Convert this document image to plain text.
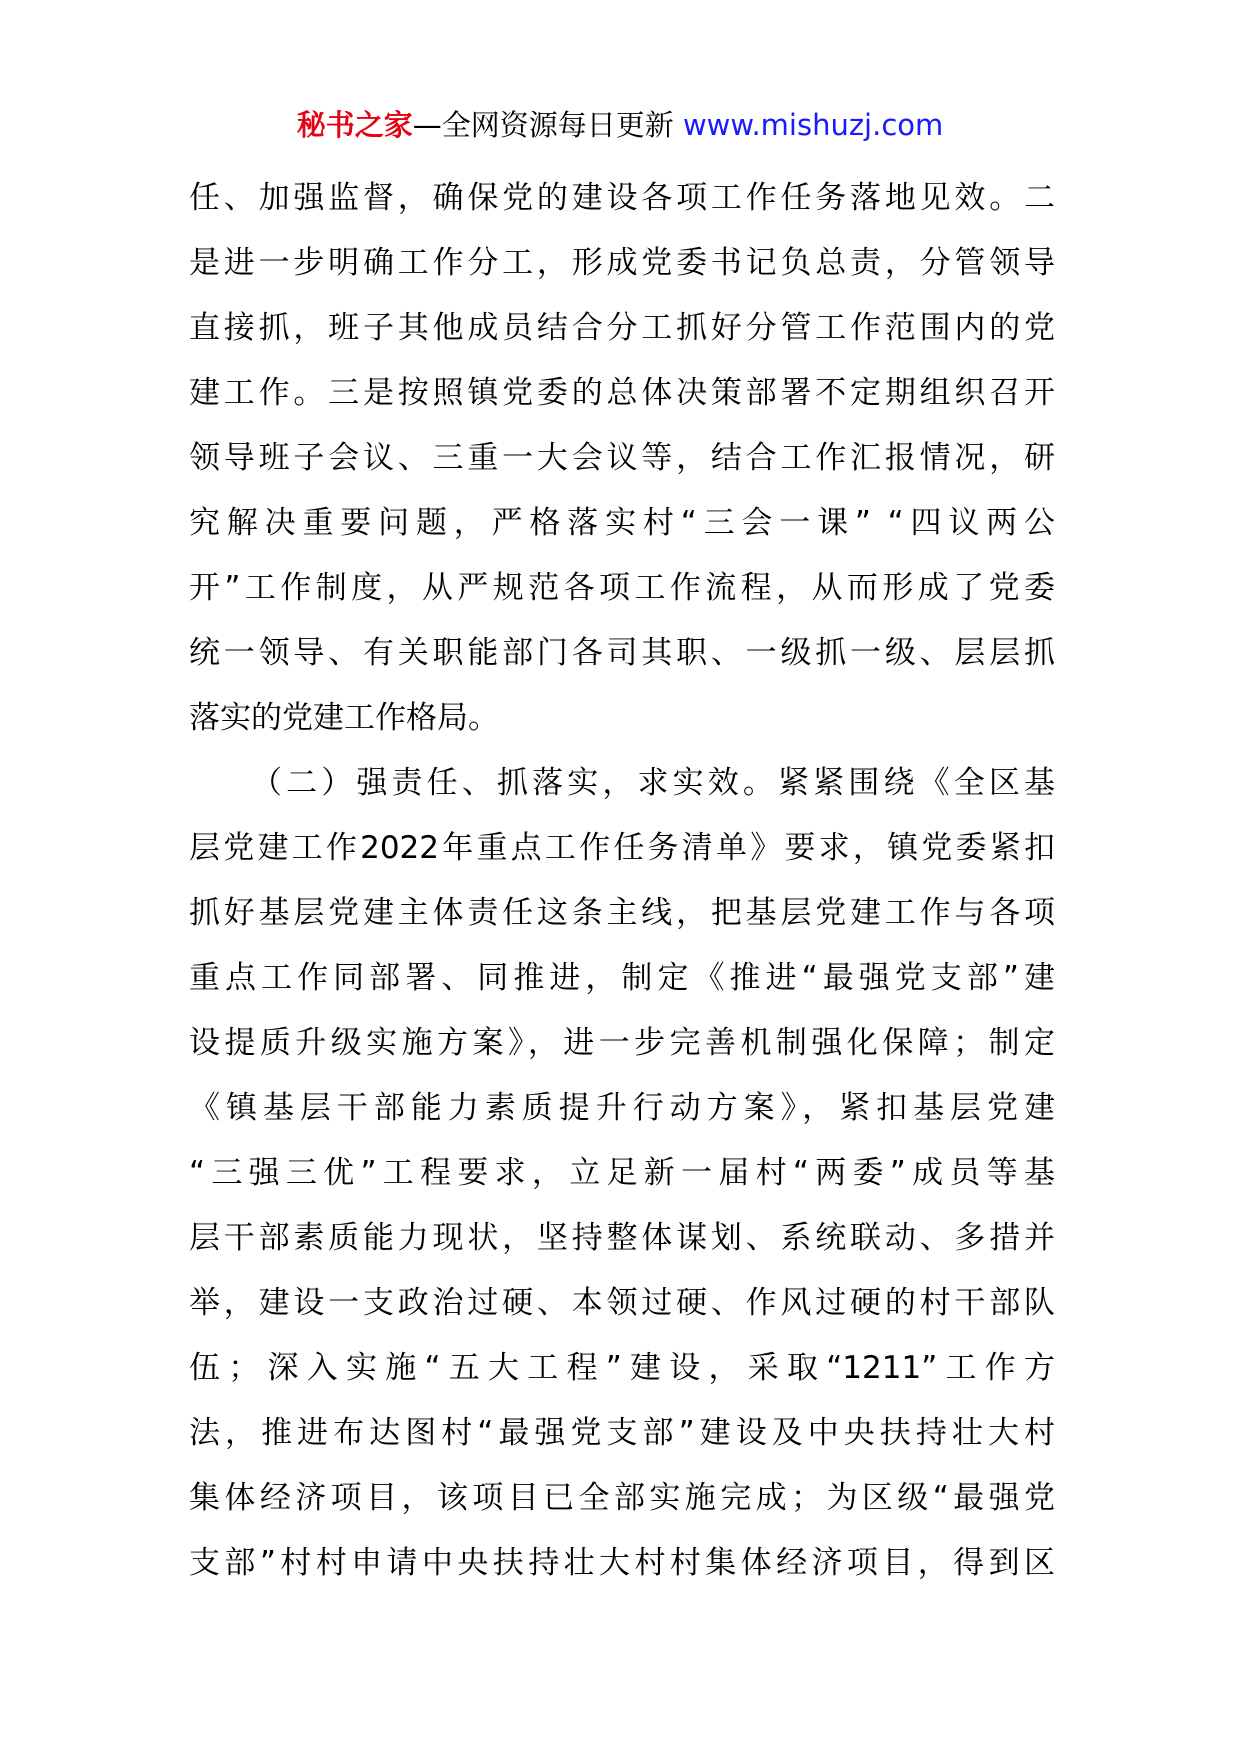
秘书之家—全网资源每日更新 www.mishuzj.com
任、加强监督，确保党的建设各项工作任务落地见效。二
是进一步明确工作分工，形成党委书记负总责，分管领导
直接抓，班子其他成员结合分工抓好分管工作范围内的党
建工作。三是按照镇党委的总体决策部署不定期组织召开
领导班子会议、三重一大会议等，结合工作汇报情况，研
究解决重要问题，严格落实村“三会一课” “四议两公
开”工作制度，从严规范各项工作流程，从而形成了党委
统一领导、有关职能部门各司其职、一级抓一级、层层抓
落实的党建工作格局。
（二）强责任、抓落实，求实效。紧紧围绕《全区基
层党建工作2022年重点工作任务清单》要求，镇党委紧扣
抓好基层党建主体责任这条主线，把基层党建工作与各项
重点工作同部署、同推进，制定《推进“最强党支部”建
设提质升级实施方案》，进一步完善机制强化保障；制定
《镇基层干部能力素质提升行动方案》，紧扣基层党建
“三强三优”工程要求，立足新一届村“两委”成员等基
层干部素质能力现状，坚持整体谋划、系统联动、多措并
举，建设一支政治过硬、本领过硬、作风过硬的村干部队
伍；深入实施“五大工程”建设，采取“1211”工作方
法，推进布达图村“最强党支部”建设及中央扶持壮大村
集体经济项目，该项目已全部实施完成；为区级“最强党
支部”村村申请中央扶持壮大村村集体经济项目，得到区
